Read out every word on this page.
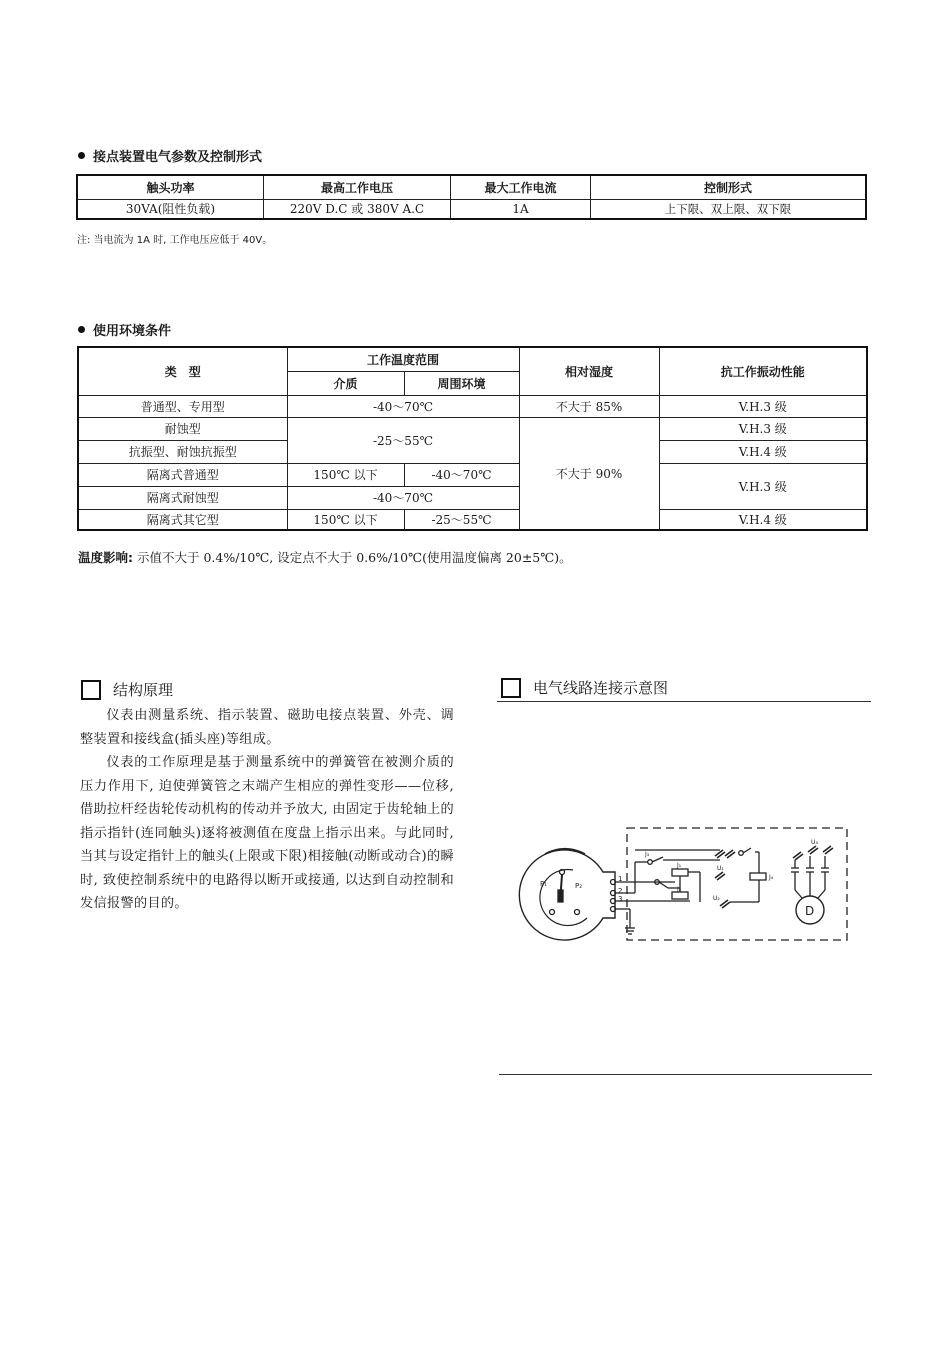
接点装置电气参数及控制形式
触头功率	最高工作电压	最大工作电流	控制形式
30VA(阻性负载)	220V D.C 或 380V A.C	1A	上下限、双上限、双下限
注: 当电流为 1A 时, 工作电压应低于 40V。
使用环境条件
类　型	工作温度范围		相对湿度	抗工作振动性能
	介质	周围环境		
普通型、专用型	-40～70℃		不大于 85%	V.H.3 级
耐蚀型	-25～55℃		不大于 90%	V.H.3 级
抗振型、耐蚀抗振型				V.H.4 级
隔离式普通型	150℃ 以下	-40～70℃		V.H.3 级
隔离式耐蚀型	-40～70℃			
隔离式其它型	150℃ 以下	-25～55℃		V.H.4 级
温度影响: 示值不大于 0.4%/10℃, 设定点不大于 0.6%/10℃(使用温度偏离 20±5℃)。
结构原理

仪表由测量系统、指示装置、磁助电接点装置、外壳、调整装置和接线盒(插头座)等组成。

仪表的工作原理是基于测量系统中的弹簧管在被测介质的压力作用下, 迫使弹簧管之末端产生相应的弹性变形——位移, 借助拉杆经齿轮传动机构的传动并予放大, 由固定于齿轮轴上的指示指针(连同触头)逐将被测值在度盘上指示出来。与此同时, 当其与设定指针上的触头(上限或下限)相接触(动断或动合)的瞬时, 致使控制系统中的电路得以断开或接通, 以达到自动控制和发信报警的目的。

电气线路连接示意图
P₁	P₂
1
2
3
J₁
J₂
J₃
U₁
U₂
J₄
U₃
D
